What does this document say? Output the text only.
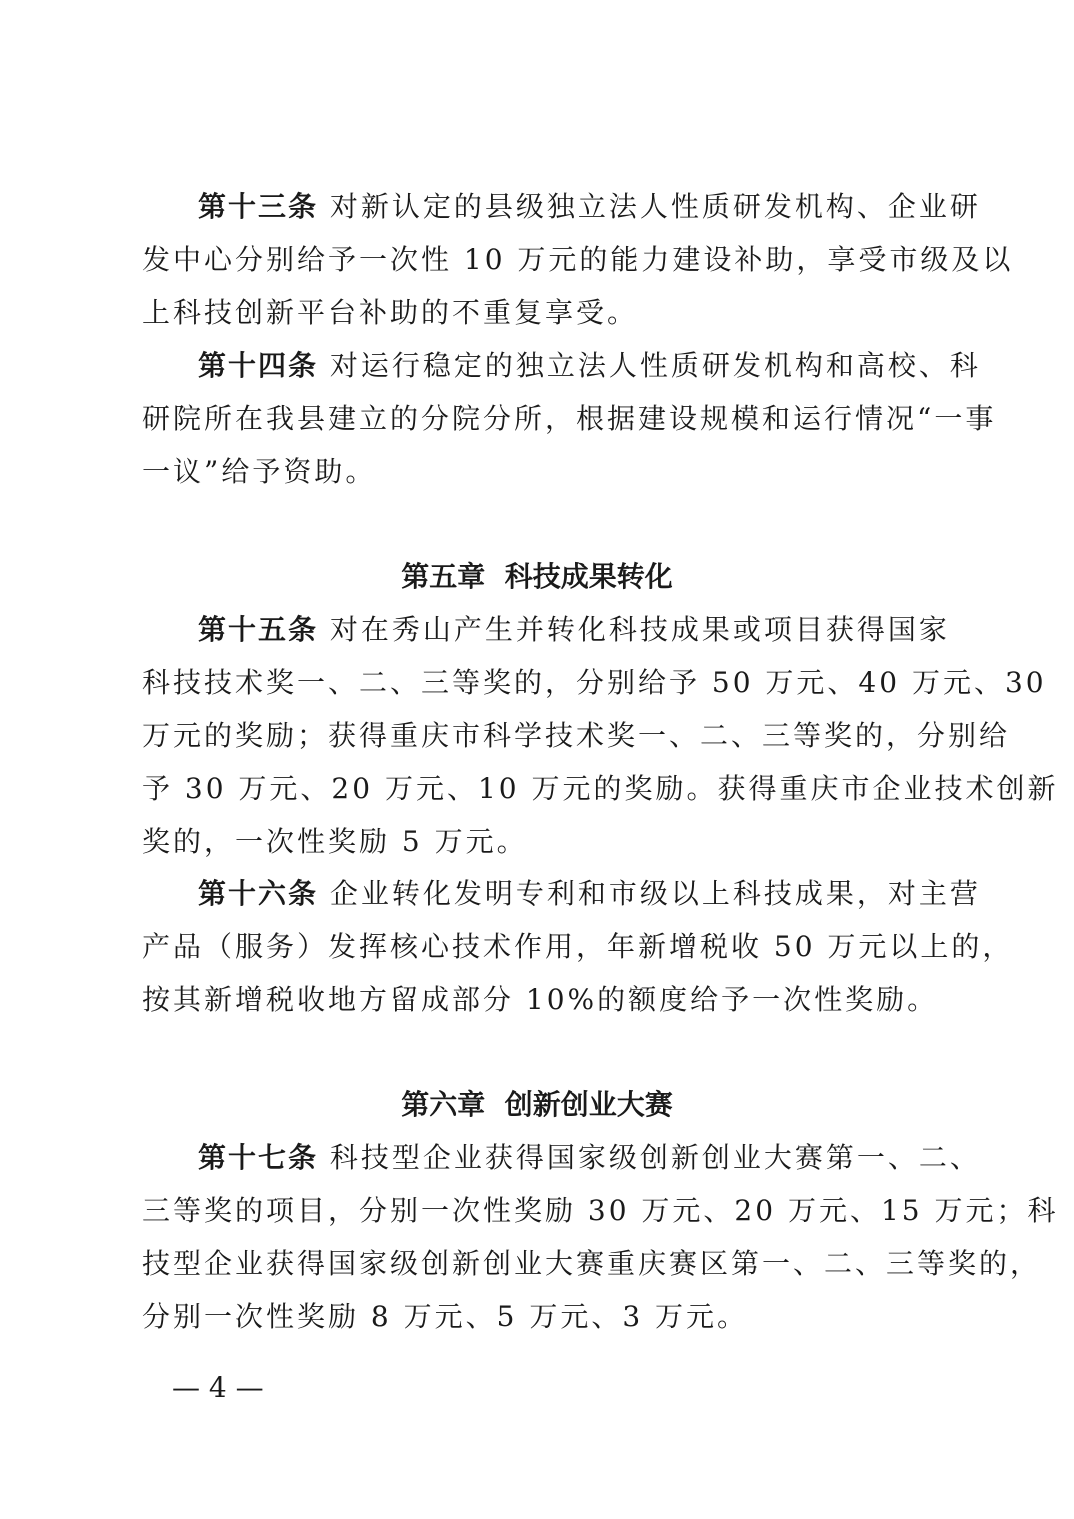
第十三条 对新认定的县级独立法人性质研发机构、企业研
发中心分别给予一次性 10 万元的能力建设补助，享受市级及以
上科技创新平台补助的不重复享受。
第十四条 对运行稳定的独立法人性质研发机构和高校、科
研院所在我县建立的分院分所，根据建设规模和运行情况“一事
一议”给予资助。
第五章  科技成果转化
第十五条 对在秀山产生并转化科技成果或项目获得国家
科技技术奖一、二、三等奖的，分别给予 50 万元、40 万元、30
万元的奖励；获得重庆市科学技术奖一、二、三等奖的，分别给
予 30 万元、20 万元、10 万元的奖励。获得重庆市企业技术创新
奖的，一次性奖励 5 万元。
第十六条 企业转化发明专利和市级以上科技成果，对主营
产品（服务）发挥核心技术作用，年新增税收 50 万元以上的，
按其新增税收地方留成部分 10%的额度给予一次性奖励。
第六章  创新创业大赛
第十七条 科技型企业获得国家级创新创业大赛第一、二、
三等奖的项目，分别一次性奖励 30 万元、20 万元、15 万元；科
技型企业获得国家级创新创业大赛重庆赛区第一、二、三等奖的，
分别一次性奖励 8 万元、5 万元、3 万元。
— 4 —
